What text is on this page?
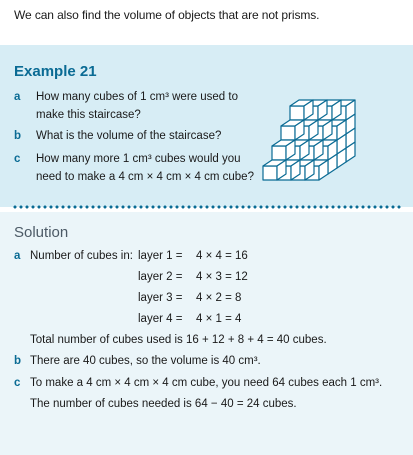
We can also find the volume of objects that are not prisms.
Example 21
a	How many cubes of 1 cm³ were used to make this staircase?
b	What is the volume of the staircase?
c	How many more 1 cm³ cubes would you need to make a 4 cm × 4 cm × 4 cm cube?
Solution
a Number of cubes in: layer 1 = 4 × 4 = 16
layer 2 = 4 × 3 = 12
layer 3 = 4 × 2 = 8
layer 4 = 4 × 1 = 4
Total number of cubes used is 16 + 12 + 8 + 4 = 40 cubes.
b There are 40 cubes, so the volume is 40 cm³.
c To make a 4 cm × 4 cm × 4 cm cube, you need 64 cubes each 1 cm³.
The number of cubes needed is 64 − 40 = 24 cubes.
